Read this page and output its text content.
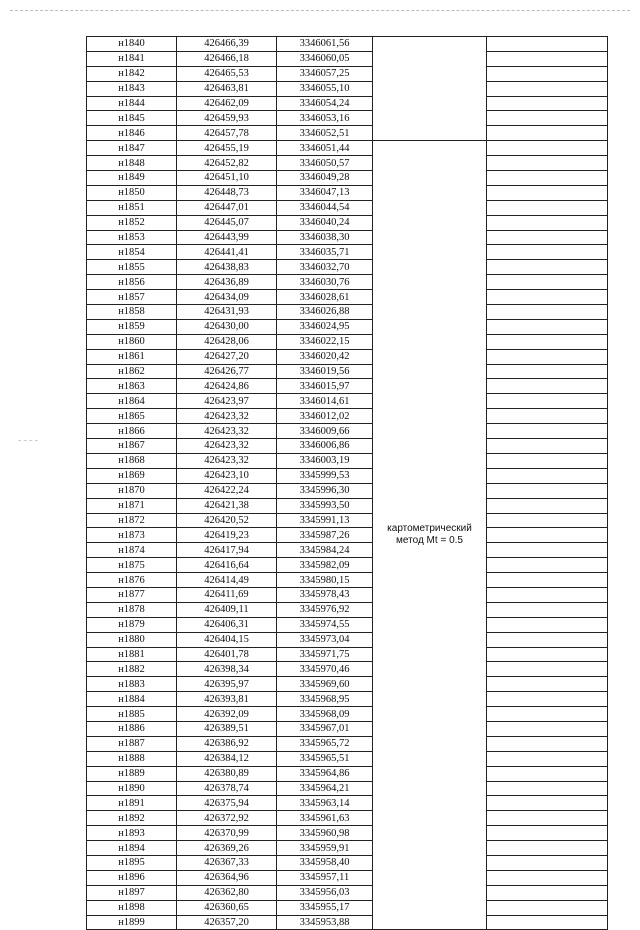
н1840	426466,39	3346061,56		
н1841	426466,18	3346060,05		
н1842	426465,53	3346057,25		
н1843	426463,81	3346055,10		
н1844	426462,09	3346054,24		
н1845	426459,93	3346053,16		
н1846	426457,78	3346052,51		
н1847	426455,19	3346051,44	картометрический
метод Mt = 0.5	

н1848	426452,82	3346050,57		
н1849	426451,10	3346049,28		
н1850	426448,73	3346047,13		
н1851	426447,01	3346044,54		
н1852	426445,07	3346040,24		
н1853	426443,99	3346038,30		
н1854	426441,41	3346035,71		
н1855	426438,83	3346032,70		
н1856	426436,89	3346030,76		
н1857	426434,09	3346028,61		
н1858	426431,93	3346026,88		
н1859	426430,00	3346024,95		
н1860	426428,06	3346022,15		
н1861	426427,20	3346020,42		
н1862	426426,77	3346019,56		
н1863	426424,86	3346015,97		
н1864	426423,97	3346014,61		
н1865	426423,32	3346012,02		
н1866	426423,32	3346009,66		
н1867	426423,32	3346006,86		
н1868	426423,32	3346003,19		
н1869	426423,10	3345999,53		
н1870	426422,24	3345996,30		
н1871	426421,38	3345993,50		
н1872	426420,52	3345991,13		
н1873	426419,23	3345987,26		
н1874	426417,94	3345984,24		
н1875	426416,64	3345982,09		
н1876	426414,49	3345980,15		
н1877	426411,69	3345978,43		
н1878	426409,11	3345976,92		
н1879	426406,31	3345974,55		
н1880	426404,15	3345973,04		
н1881	426401,78	3345971,75		
н1882	426398,34	3345970,46		
н1883	426395,97	3345969,60		
н1884	426393,81	3345968,95		
н1885	426392,09	3345968,09		
н1886	426389,51	3345967,01		
н1887	426386,92	3345965,72		
н1888	426384,12	3345965,51		
н1889	426380,89	3345964,86		
н1890	426378,74	3345964,21		
н1891	426375,94	3345963,14		
н1892	426372,92	3345961,63		
н1893	426370,99	3345960,98		
н1894	426369,26	3345959,91		
н1895	426367,33	3345958,40		
н1896	426364,96	3345957,11		
н1897	426362,80	3345956,03		
н1898	426360,65	3345955,17		
н1899	426357,20	3345953,88		
